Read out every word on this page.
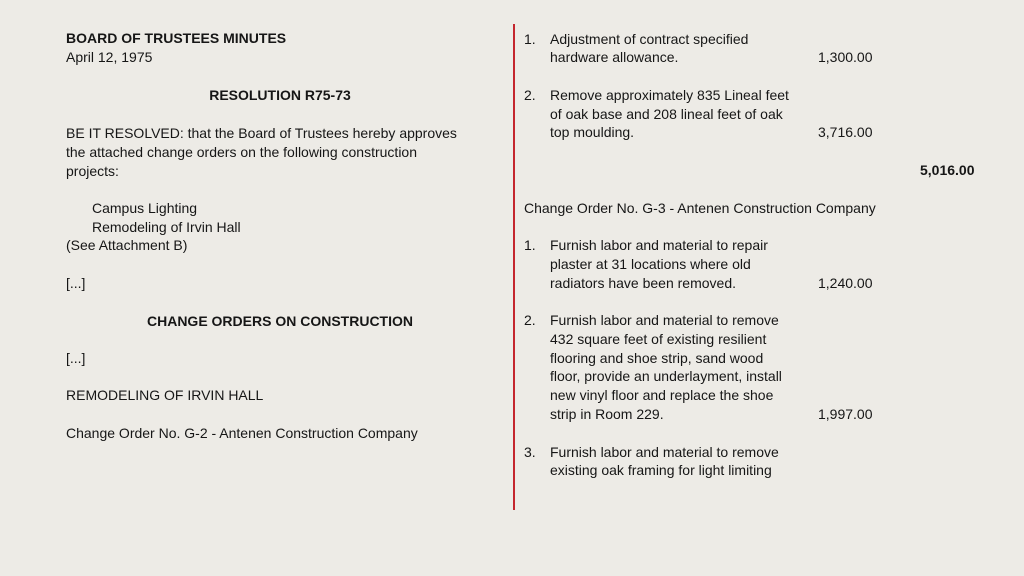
BOARD OF TRUSTEES MINUTES
April 12, 1975
RESOLUTION R75-73
BE IT RESOLVED: that the Board of Trustees hereby approves
the attached change orders on the following construction
projects:
Campus Lighting
Remodeling of Irvin Hall
(See Attachment B)
[...]
CHANGE ORDERS ON CONSTRUCTION
[...]
REMODELING OF IRVIN HALL
Change Order No. G-2 - Antenen Construction Company
1. Adjustment of contract specified
hardware allowance.	1,300.00
2. Remove approximately 835 Lineal feet
of oak base and 208 lineal feet of oak
top moulding.	3,716.00
5,016.00
Change Order No. G-3 - Antenen Construction Company
1. Furnish labor and material to repair
plaster at 31 locations where old
radiators have been removed.	1,240.00
2. Furnish labor and material to remove
432 square feet of existing resilient
flooring and shoe strip, sand wood
floor, provide an underlayment, install
new vinyl floor and replace the shoe
strip in Room 229.	1,997.00
3. Furnish labor and material to remove
existing oak framing for light limiting
